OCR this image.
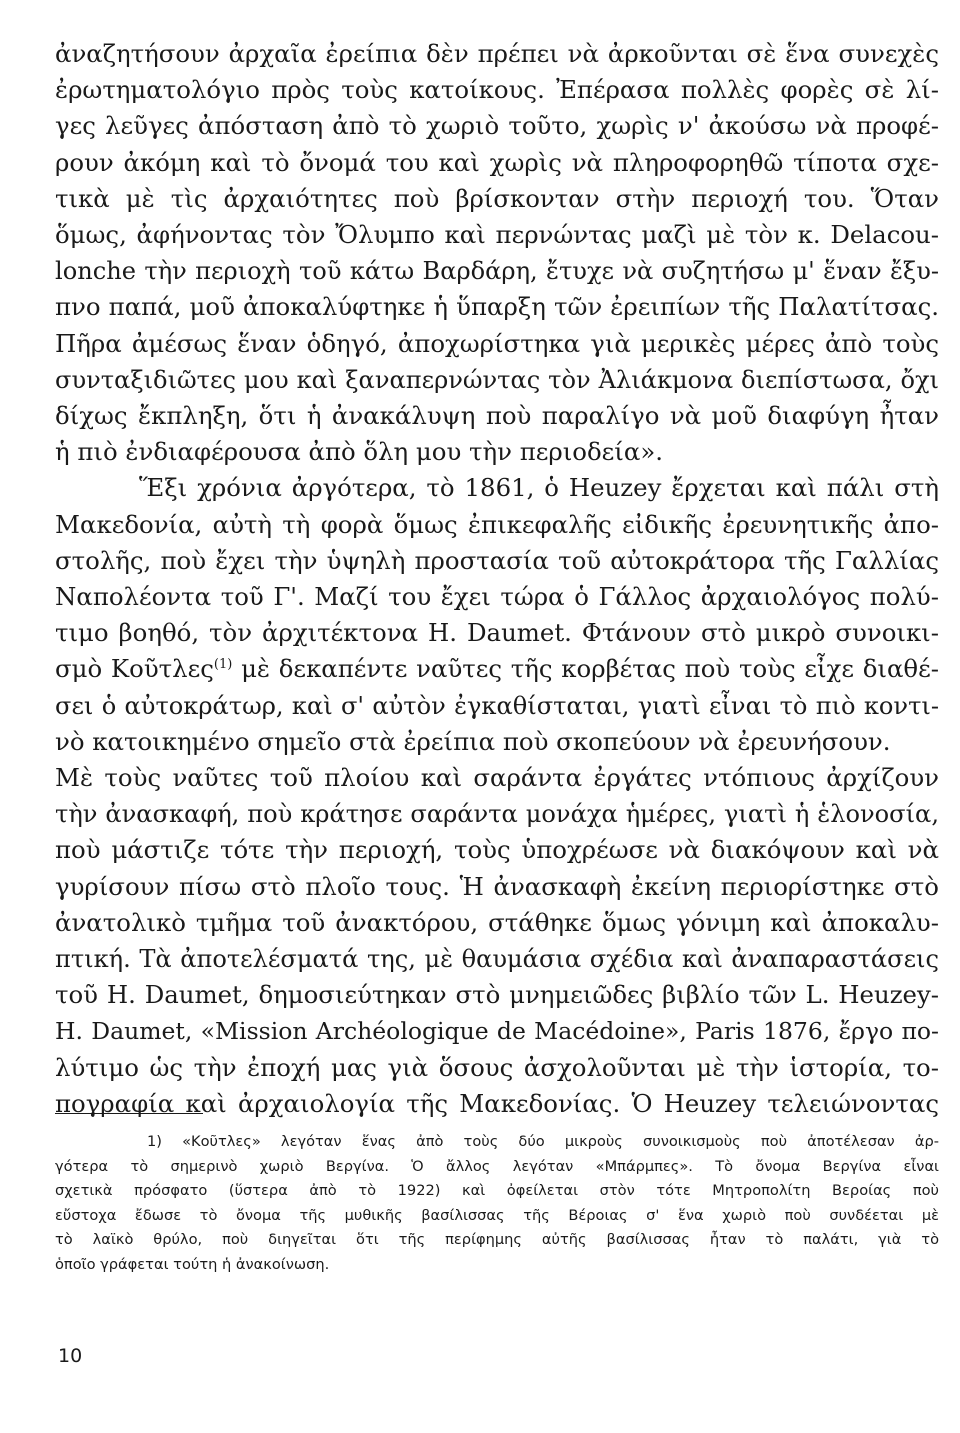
ἀναζητήσουν ἀρχαῖα ἐρείπια δὲν πρέπει νὰ ἀρκοῦνται σὲ ἕνα συνεχὲς
ἐρωτηματολόγιο πρὸς τοὺς κατοίκους. Ἐπέρασα πολλὲς φορὲς σὲ λί-
γες λεῦγες ἀπόσταση ἀπὸ τὸ χωριὸ τοῦτο, χωρὶς ν' ἀκούσω νὰ προφέ-
ρουν ἀκόμη καὶ τὸ ὄνομά του καὶ χωρὶς νὰ πληροφορηθῶ τίποτα σχε-
τικὰ μὲ τὶς ἀρχαιότητες ποὺ βρίσκονταν στὴν περιοχή του. Ὅταν
ὅμως, ἀφήνοντας τὸν Ὄλυμπο καὶ περνώντας μαζὶ μὲ τὸν κ. Delacou-
lonche τὴν περιοχὴ τοῦ κάτω Βαρδάρη, ἔτυχε νὰ συζητήσω μ' ἕναν ἔξυ-
πνο παπά, μοῦ ἀποκαλύφτηκε ἡ ὕπαρξη τῶν ἐρειπίων τῆς Παλατίτσας.
Πῆρα ἀμέσως ἕναν ὁδηγό, ἀποχωρίστηκα γιὰ μερικὲς μέρες ἀπὸ τοὺς
συνταξιδιῶτες μου καὶ ξαναπερνώντας τὸν Ἀλιάκμονα διεπίστωσα, ὄχι
δίχως ἔκπληξη, ὅτι ἡ ἀνακάλυψη ποὺ παραλίγο νὰ μοῦ διαφύγη ἦταν
ἡ πιὸ ἐνδιαφέρουσα ἀπὸ ὅλη μου τὴν περιοδεία».
Ἕξι χρόνια ἀργότερα, τὸ 1861, ὁ Heuzey ἔρχεται καὶ πάλι στὴ
Μακεδονία, αὐτὴ τὴ φορὰ ὅμως ἐπικεφαλῆς εἰδικῆς ἐρευνητικῆς ἀπο-
στολῆς, ποὺ ἔχει τὴν ὑψηλὴ προστασία τοῦ αὐτοκράτορα τῆς Γαλλίας
Ναπολέοντα τοῦ Γ'. Μαζί του ἔχει τώρα ὁ Γάλλος ἀρχαιολόγος πολύ-
τιμο βοηθό, τὸν ἀρχιτέκτονα Η. Daumet. Φτάνουν στὸ μικρὸ συνοικι-
σμὸ Κοῦτλες$^{(1)}$ μὲ δεκαπέντε ναῦτες τῆς κορβέτας ποὺ τοὺς εἶχε διαθέ-
σει ὁ αὐτοκράτωρ, καὶ σ' αὐτὸν ἐγκαθίσταται, γιατὶ εἶναι τὸ πιὸ κοντι-
νὸ κατοικημένο σημεῖο στὰ ἐρείπια ποὺ σκοπεύουν νὰ ἐρευνήσουν.
Μὲ τοὺς ναῦτες τοῦ πλοίου καὶ σαράντα ἐργάτες ντόπιους ἀρχίζουν
τὴν ἀνασκαφή, ποὺ κράτησε σαράντα μονάχα ἡμέρες, γιατὶ ἡ ἑλονοσία,
ποὺ μάστιζε τότε τὴν περιοχή, τοὺς ὑποχρέωσε νὰ διακόψουν καὶ νὰ
γυρίσουν πίσω στὸ πλοῖο τους. Ἡ ἀνασκαφὴ ἐκείνη περιορίστηκε στὸ
ἀνατολικὸ τμῆμα τοῦ ἀνακτόρου, στάθηκε ὅμως γόνιμη καὶ ἀποκαλυ-
πτική. Τὰ ἀποτελέσματά της, μὲ θαυμάσια σχέδια καὶ ἀναπαραστάσεις
τοῦ Η. Daumet, δημοσιεύτηκαν στὸ μνημειῶδες βιβλίο τῶν L. Heuzey-
Η. Daumet, «Mission Archéologique de Macédoine», Paris 1876, ἔργο πο-
λύτιμο ὡς τὴν ἐποχή μας γιὰ ὅσους ἀσχολοῦνται μὲ τὴν ἱστορία, το-
πογραφία καὶ ἀρχαιολογία τῆς Μακεδονίας. Ὁ Heuzey τελειώνοντας
1) «Κοῦτλες» λεγόταν ἕνας ἀπὸ τοὺς δύο μικροὺς συνοικισμοὺς ποὺ ἀποτέλεσαν ἀρ-
γότερα τὸ σημερινὸ χωριὸ Βεργίνα. Ὁ ἄλλος λεγόταν «Μπάρμπες». Τὸ ὄνομα Βεργίνα εἶναι
σχετικὰ πρόσφατο (ὕστερα ἀπὸ τὸ 1922) καὶ ὀφείλεται στὸν τότε Μητροπολίτη Βεροίας ποὺ
εὔστοχα ἔδωσε τὸ ὄνομα τῆς μυθικῆς βασίλισσας τῆς Βέροιας σ' ἕνα χωριὸ ποὺ συνδέεται μὲ
τὸ λαϊκὸ θρύλο, ποὺ διηγεῖται ὅτι τῆς περίφημης αὐτῆς βασίλισσας ἦταν τὸ παλάτι, γιὰ τὸ
ὁποῖο γράφεται τούτη ἡ ἀνακοίνωση.
10
